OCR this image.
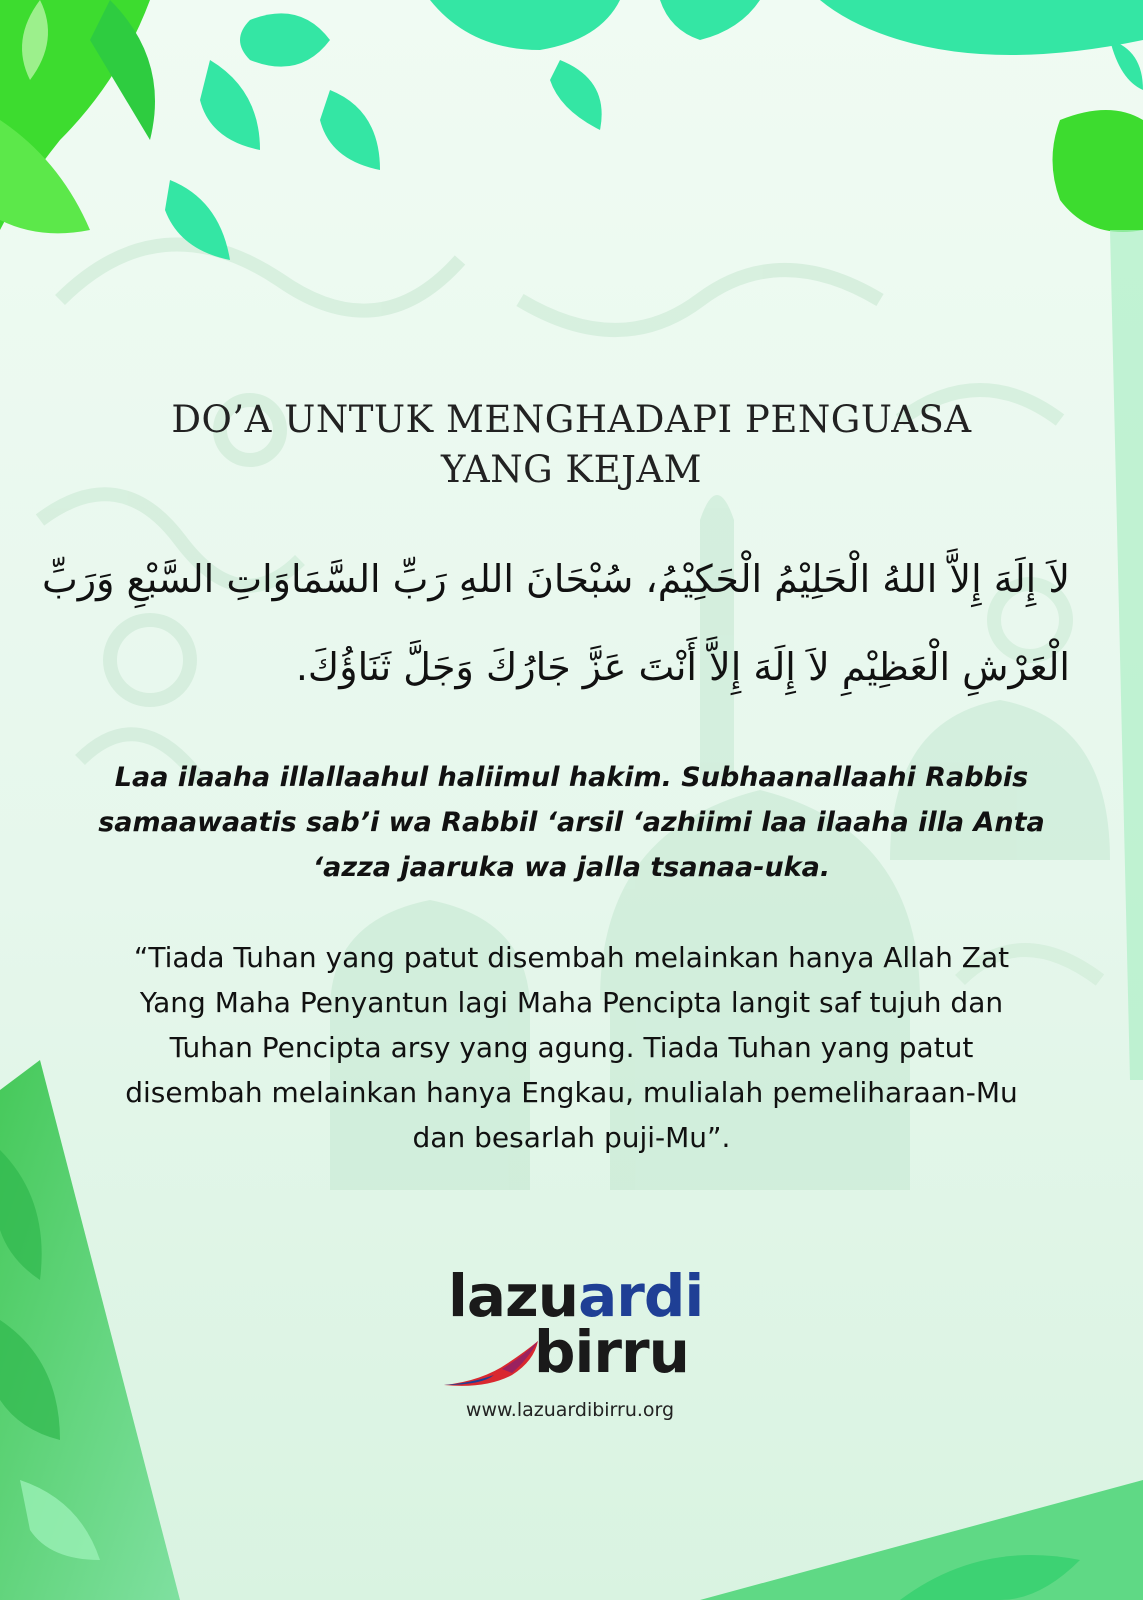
DO’A UNTUK MENGHADAPI PENGUASA
YANG KEJAM
لاَ إِلَهَ إِلاَّ اللهُ الْحَلِيْمُ الْحَكِيْمُ، سُبْحَانَ اللهِ رَبِّ السَّمَاوَاتِ السَّبْعِ وَرَبِّ
الْعَرْشِ الْعَظِيْمِ لاَ إِلَهَ إِلاَّ أَنْتَ عَزَّ جَارُكَ وَجَلَّ ثَنَاؤُكَ.
Laa ilaaha illallaahul haliimul hakim. Subhaanallaahi Rabbis
samaawaatis sab’i wa Rabbil ‘arsil ‘azhiimi laa ilaaha illa Anta
‘azza jaaruka wa jalla tsanaa-uka.
“Tiada Tuhan yang patut disembah melainkan hanya Allah Zat
Yang Maha Penyantun lagi Maha Pencipta langit saf tujuh dan
Tuhan Pencipta arsy yang agung. Tiada Tuhan yang patut
disembah melainkan hanya Engkau, mulialah pemeliharaan-Mu
dan besarlah puji-Mu”.
lazuardi
birru
www.lazuardibirru.org
